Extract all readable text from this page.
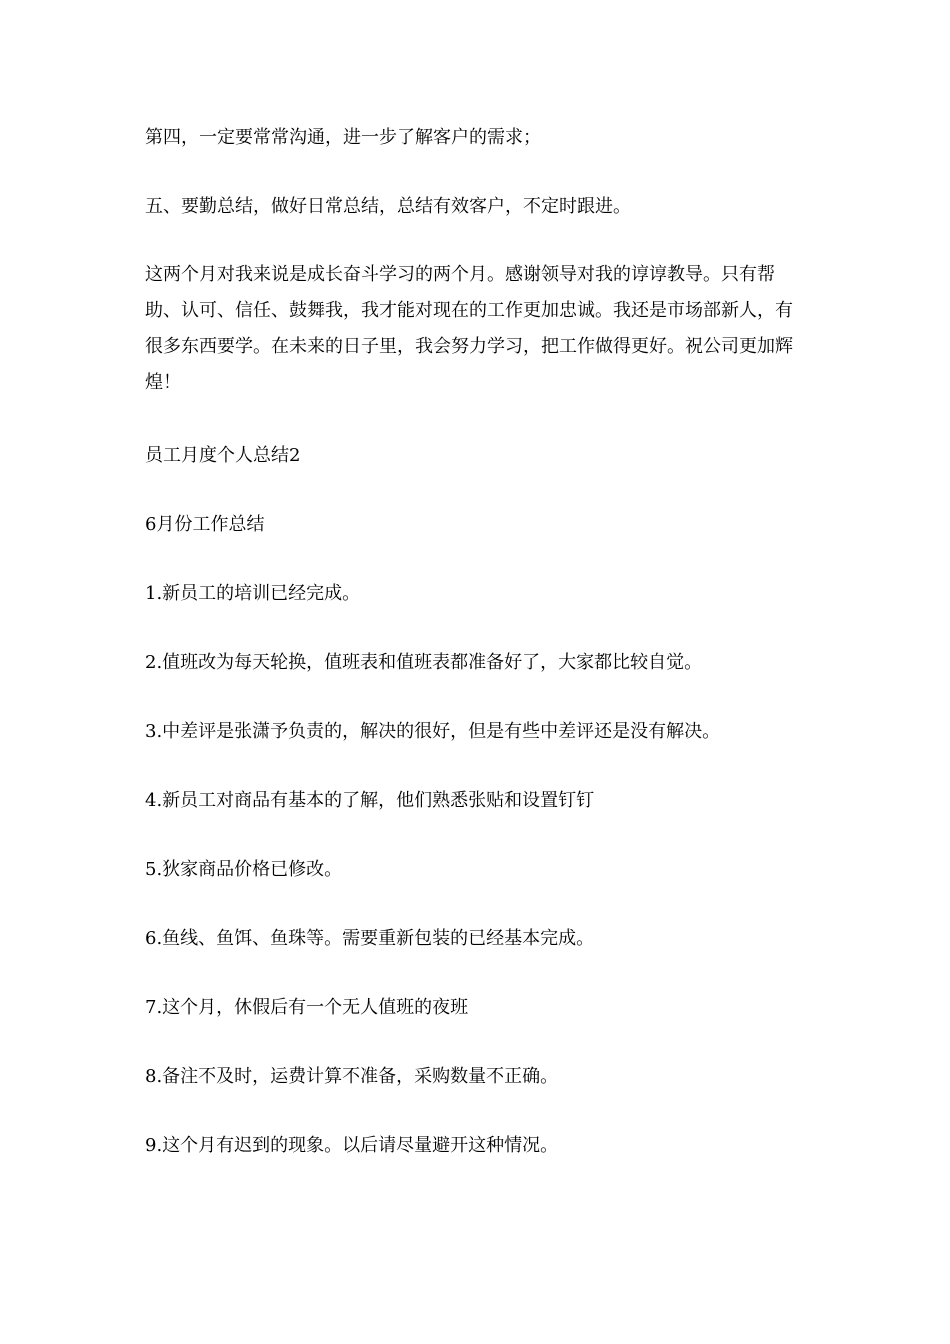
第四，一定要常常沟通，进一步了解客户的需求；

五、要勤总结，做好日常总结，总结有效客户，不定时跟进。

这两个月对我来说是成长奋斗学习的两个月。感谢领导对我的谆谆教导。只有帮助、认可、信任、鼓舞我，我才能对现在的工作更加忠诚。我还是市场部新人，有很多东西要学。在未来的日子里，我会努力学习，把工作做得更好。祝公司更加辉煌！

员工月度个人总结2

6月份工作总结

1.新员工的培训已经完成。

2.值班改为每天轮换，值班表和值班表都准备好了，大家都比较自觉。

3.中差评是张潇予负责的，解决的很好，但是有些中差评还是没有解决。

4.新员工对商品有基本的了解，他们熟悉张贴和设置钉钉

5.狄家商品价格已修改。

6.鱼线、鱼饵、鱼珠等。需要重新包装的已经基本完成。

7.这个月，休假后有一个无人值班的夜班

8.备注不及时，运费计算不准备，采购数量不正确。

9.这个月有迟到的现象。以后请尽量避开这种情况。
